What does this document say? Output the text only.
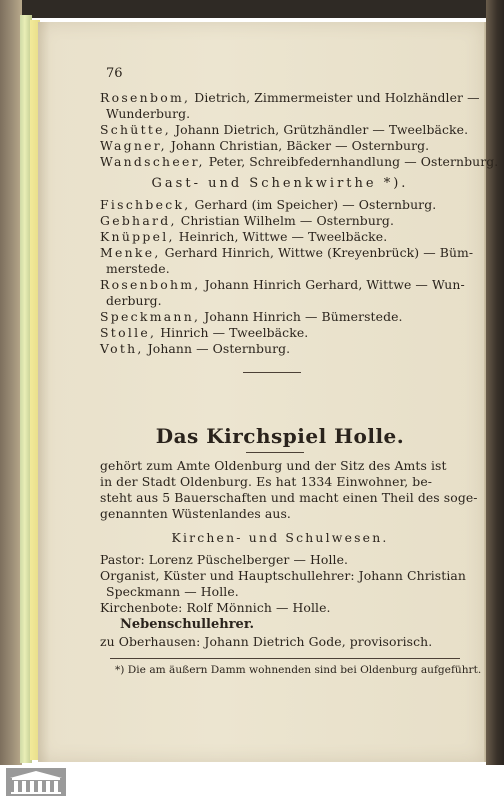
76
Rosenbom, Dietrich, Zimmermeister und Holzhändler —
Wunderburg.
Schütte, Johann Dietrich, Grützhändler — Tweelbäcke.
Wagner, Johann Christian, Bäcker — Osternburg.
Wandscheer, Peter, Schreibfedernhandlung — Osternburg.
Gast- und Schenkwirthe *).
Fischbeck, Gerhard (im Speicher) — Osternburg.
Gebhard, Christian Wilhelm — Osternburg.
Knüppel, Heinrich, Wittwe — Tweelbäcke.
Menke, Gerhard Hinrich, Wittwe (Kreyenbrück) — Büm-
merstede.
Rosenbohm, Johann Hinrich Gerhard, Wittwe — Wun-
derburg.
Speckmann, Johann Hinrich — Bümerstede.
Stolle, Hinrich — Tweelbäcke.
Voth, Johann — Osternburg.
Das Kirchspiel Holle.
gehört zum Amte Oldenburg und der Sitz des Amts ist
in der Stadt Oldenburg. Es hat 1334 Einwohner, be-
steht aus 5 Bauerschaften und macht einen Theil des soge-
genannten Wüstenlandes aus.
Kirchen- und Schulwesen.
Pastor: Lorenz Püschelberger — Holle.
Organist, Küster und Hauptschullehrer: Johann Christian
Speckmann — Holle.
Kirchenbote: Rolf Mönnich — Holle.
Nebenschullehrer.
zu Oberhausen: Johann Dietrich Gode, provisorisch.
*) Die am äußern Damm wohnenden sind bei Oldenburg aufgeführt.
